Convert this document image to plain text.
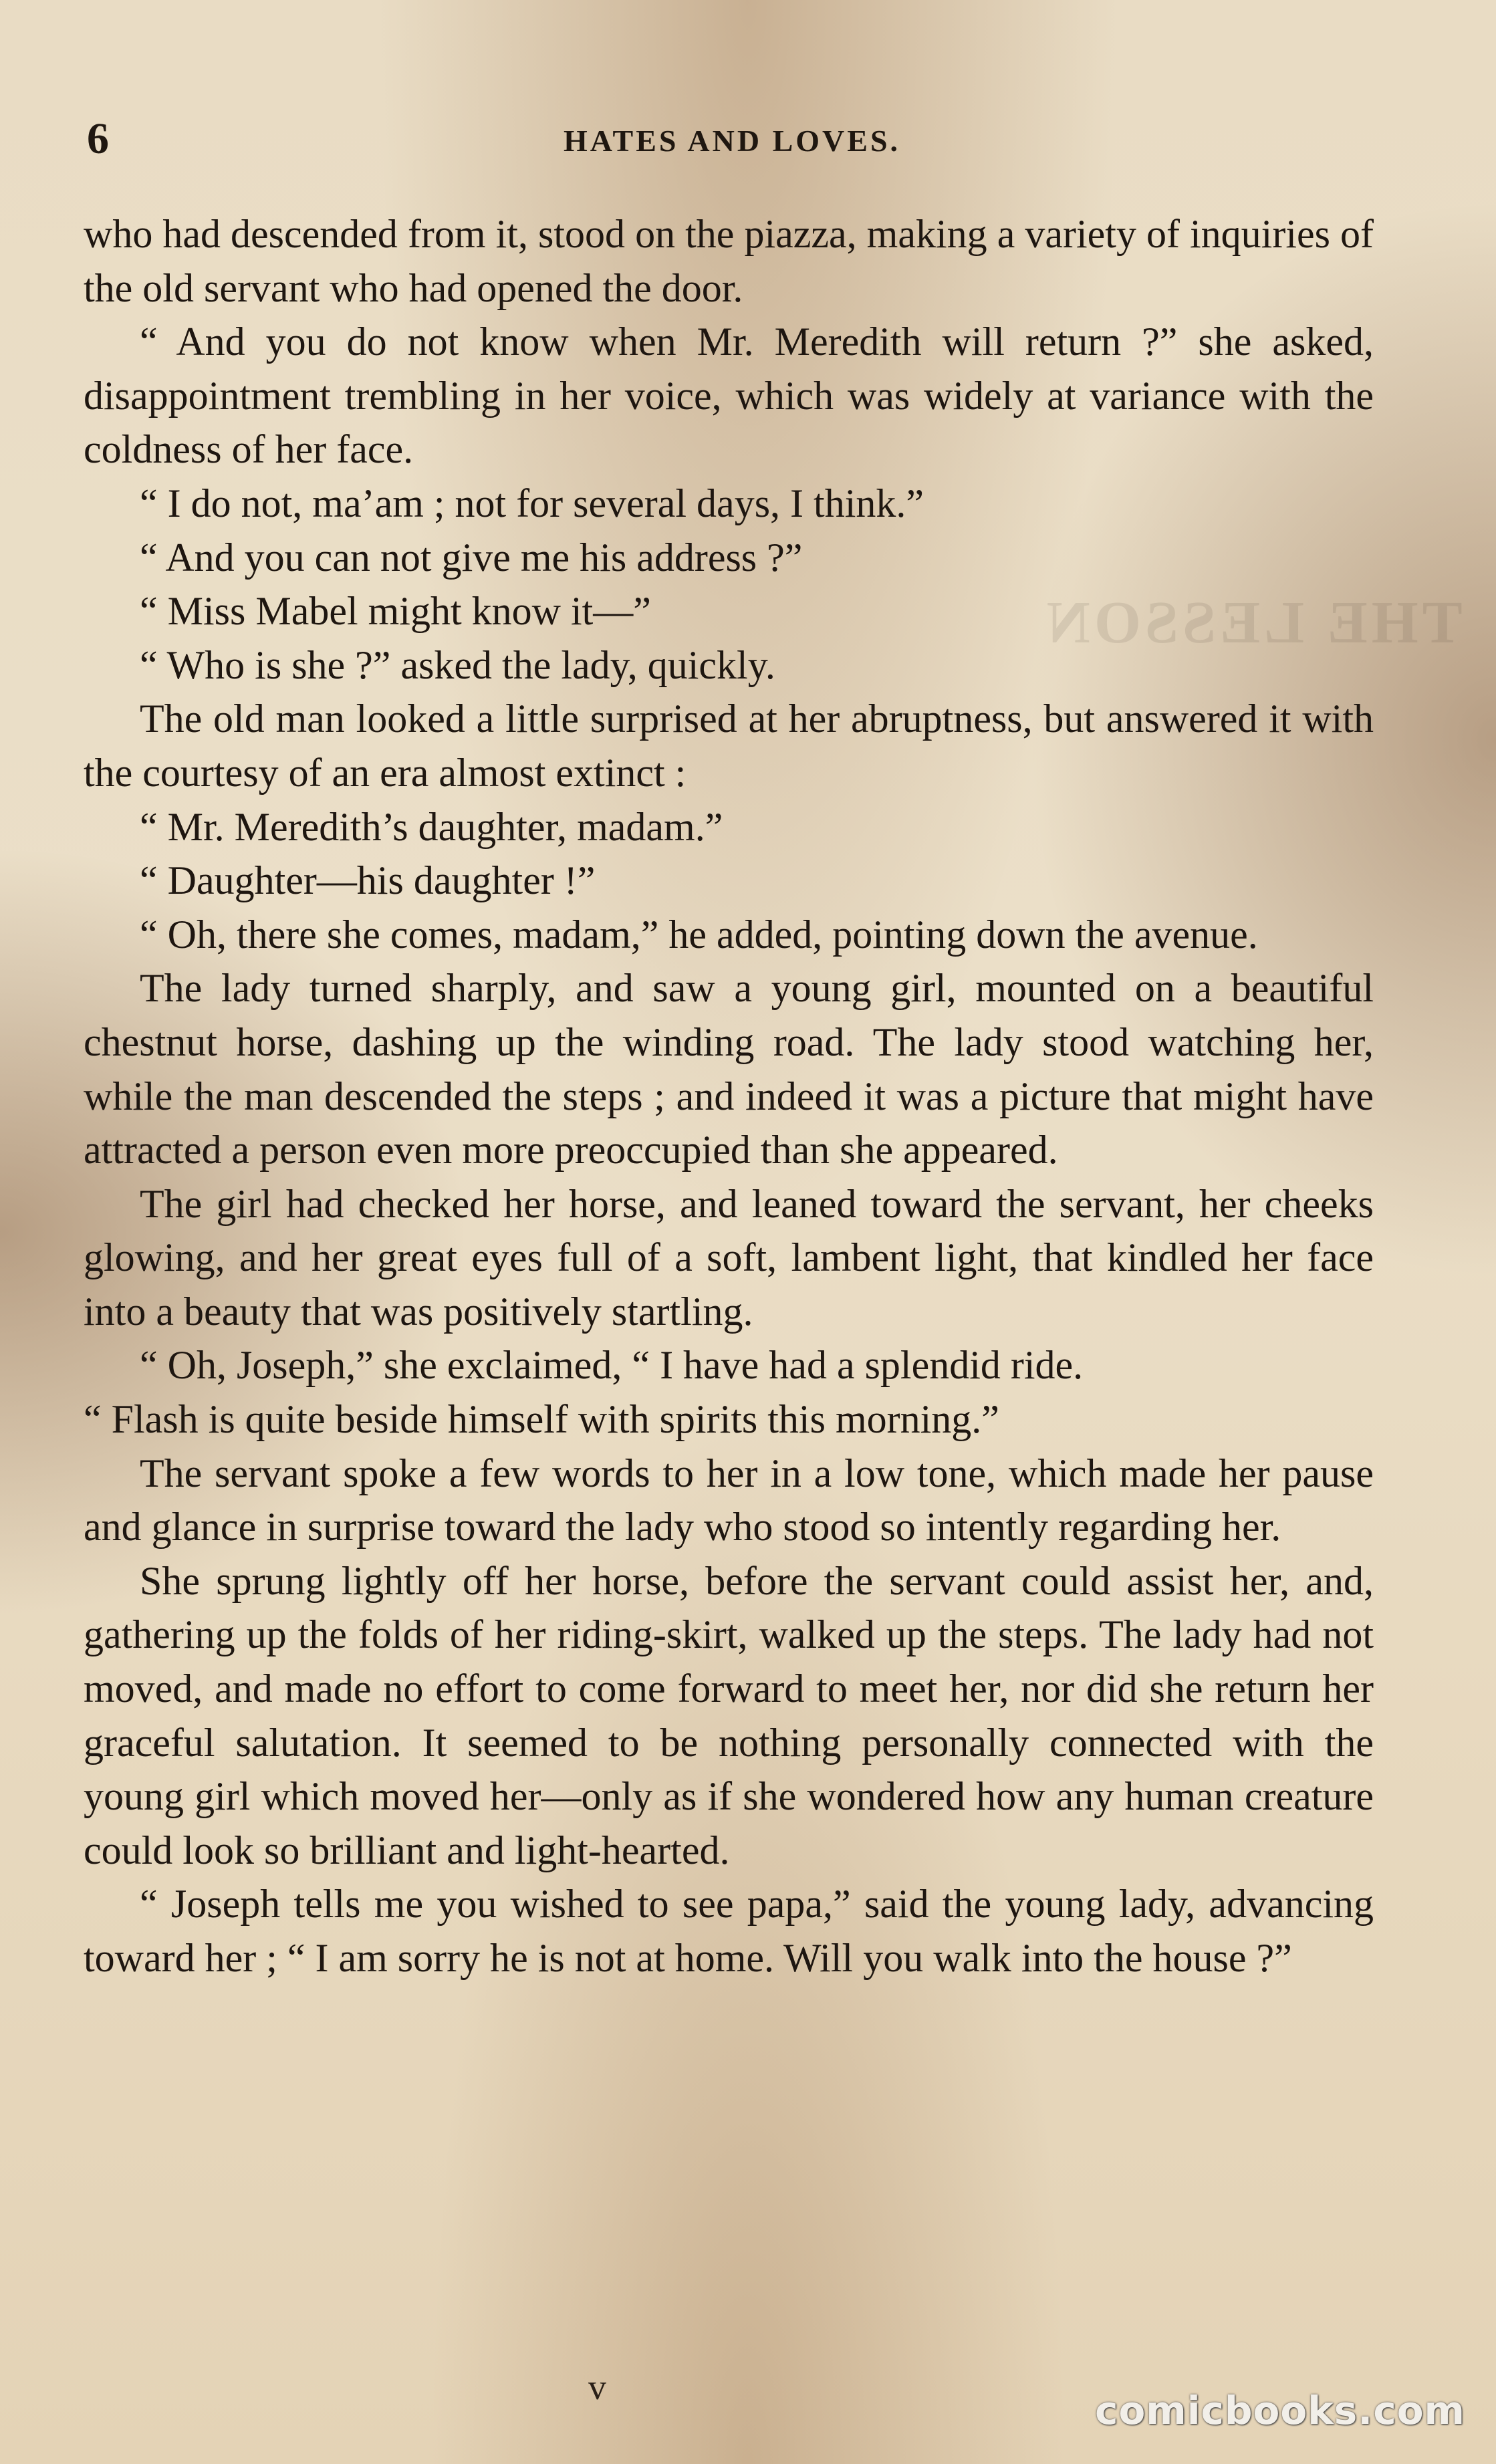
THE LESSON
6	HATES AND LOVES.

who had descended from it, stood on the piazza, making a variety of inquiries of the old servant who had opened the door.

“ And you do not know when Mr. Meredith will return ?” she asked, disappointment trembling in her voice, which was widely at variance with the coldness of her face.

“ I do not, ma’am ; not for several days, I think.”

“ And you can not give me his address ?”

“ Miss Mabel might know it—”

“ Who is she ?” asked the lady, quickly.

The old man looked a little surprised at her abruptness, but answered it with the courtesy of an era almost extinct :

“ Mr. Meredith’s daughter, madam.”

“ Daughter—his daughter !”

“ Oh, there she comes, madam,” he added, pointing down the avenue.

The lady turned sharply, and saw a young girl, mounted on a beautiful chestnut horse, dashing up the winding road. The lady stood watching her, while the man descended the steps ; and indeed it was a picture that might have attracted a person even more preoccupied than she appeared.

The girl had checked her horse, and leaned toward the servant, her cheeks glowing, and her great eyes full of a soft, lambent light, that kindled her face into a beauty that was positively startling.

“ Oh, Joseph,” she exclaimed, “ I have had a splendid ride.

“ Flash is quite beside himself with spirits this morning.”

The servant spoke a few words to her in a low tone, which made her pause and glance in surprise toward the lady who stood so intently regarding her.

She sprung lightly off her horse, before the servant could assist her, and, gathering up the folds of her riding-skirt, walked up the steps. The lady had not moved, and made no effort to come forward to meet her, nor did she return her graceful salutation. It seemed to be nothing personally connected with the young girl which moved her—only as if she wondered how any human creature could look so brilliant and light-hearted.

“ Joseph tells me you wished to see papa,” said the young lady, advancing toward her ; “ I am sorry he is not at home. Will you walk into the house ?”

v
comicbooks.com
